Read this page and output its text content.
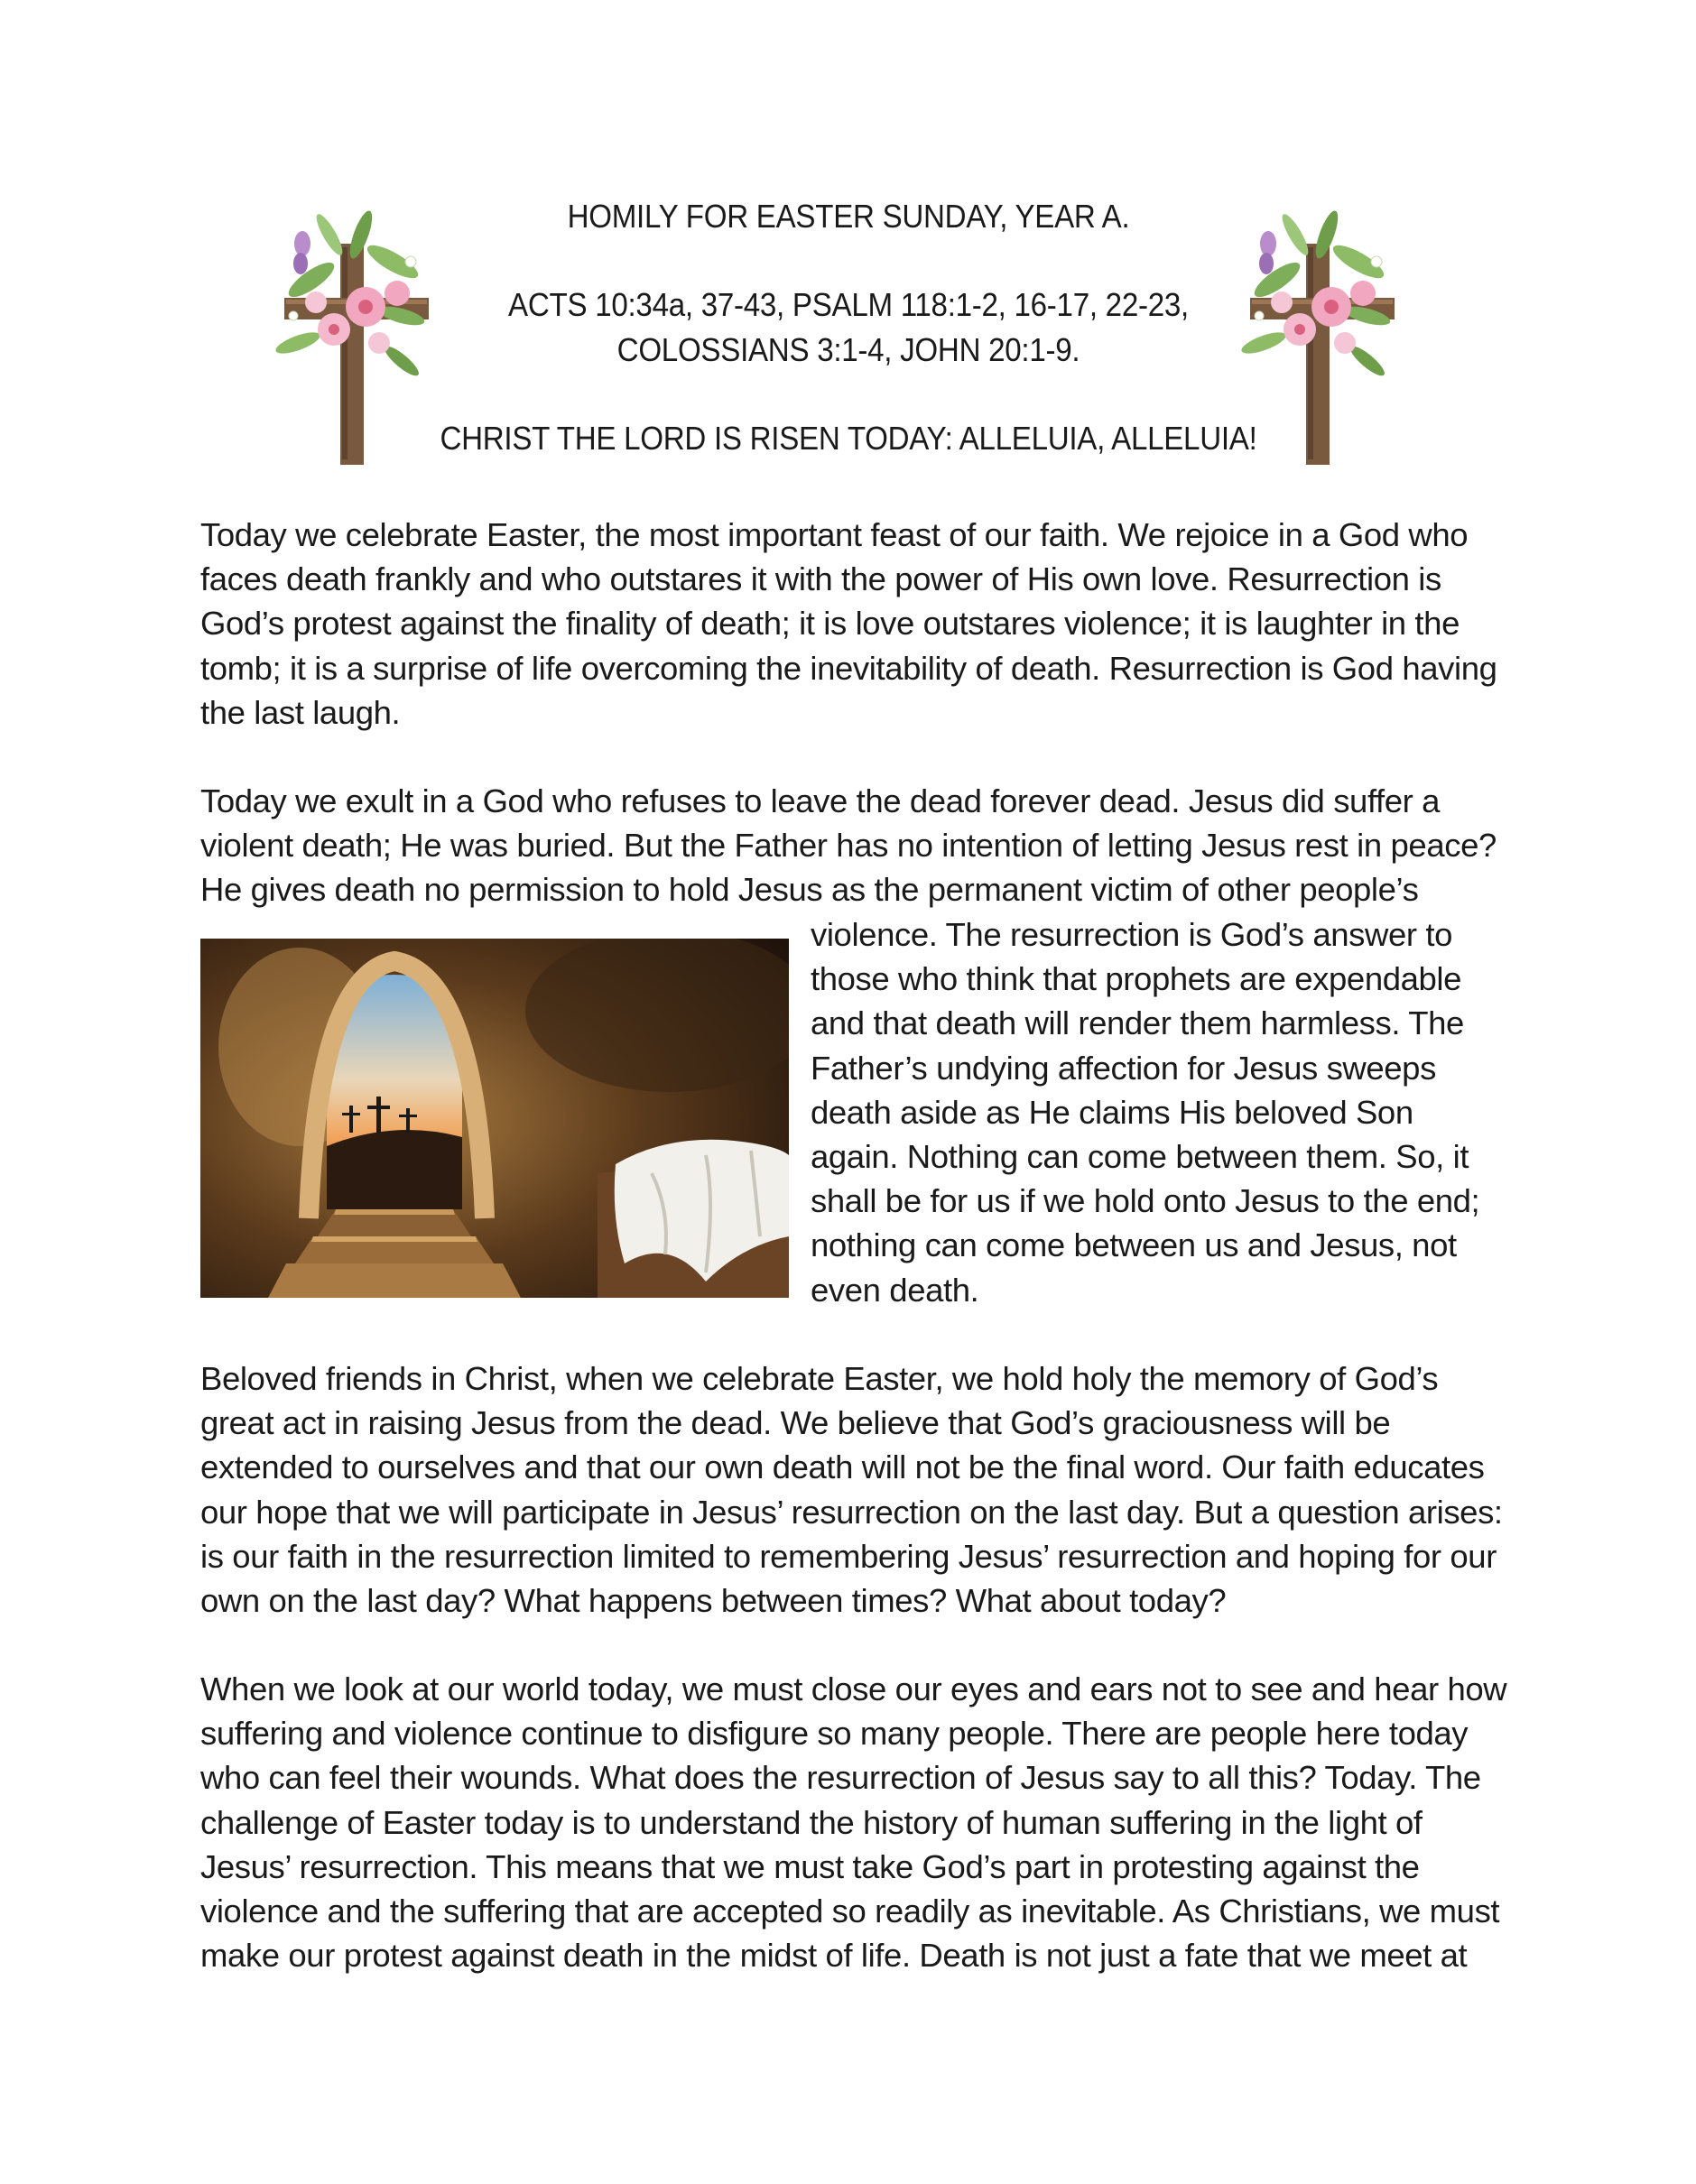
HOMILY FOR EASTER SUNDAY, YEAR A.
ACTS 10:34a, 37-43, PSALM 118:1-2, 16-17, 22-23,
COLOSSIANS 3:1-4, JOHN 20:1-9.
CHRIST THE LORD IS RISEN TODAY: ALLELUIA, ALLELUIA!
Today we celebrate Easter, the most important feast of our faith. We rejoice in a God who
faces death frankly and who outstares it with the power of His own love. Resurrection is
God’s protest against the finality of death; it is love outstares violence; it is laughter in the
tomb; it is a surprise of life overcoming the inevitability of death. Resurrection is God having
the last laugh.
Today we exult in a God who refuses to leave the dead forever dead. Jesus did suffer a
violent death; He was buried. But the Father has no intention of letting Jesus rest in peace?
He gives death no permission to hold Jesus as the permanent victim of other people’s
violence. The resurrection is God’s answer to
those who think that prophets are expendable
and that death will render them harmless. The
Father’s undying affection for Jesus sweeps
death aside as He claims His beloved Son
again. Nothing can come between them. So, it
shall be for us if we hold onto Jesus to the end;
nothing can come between us and Jesus, not
even death.
Beloved friends in Christ, when we celebrate Easter, we hold holy the memory of God’s
great act in raising Jesus from the dead. We believe that God’s graciousness will be
extended to ourselves and that our own death will not be the final word. Our faith educates
our hope that we will participate in Jesus’ resurrection on the last day. But a question arises:
is our faith in the resurrection limited to remembering Jesus’ resurrection and hoping for our
own on the last day? What happens between times? What about today?
When we look at our world today, we must close our eyes and ears not to see and hear how
suffering and violence continue to disfigure so many people. There are people here today
who can feel their wounds. What does the resurrection of Jesus say to all this? Today. The
challenge of Easter today is to understand the history of human suffering in the light of
Jesus’ resurrection. This means that we must take God’s part in protesting against the
violence and the suffering that are accepted so readily as inevitable. As Christians, we must
make our protest against death in the midst of life. Death is not just a fate that we meet at
